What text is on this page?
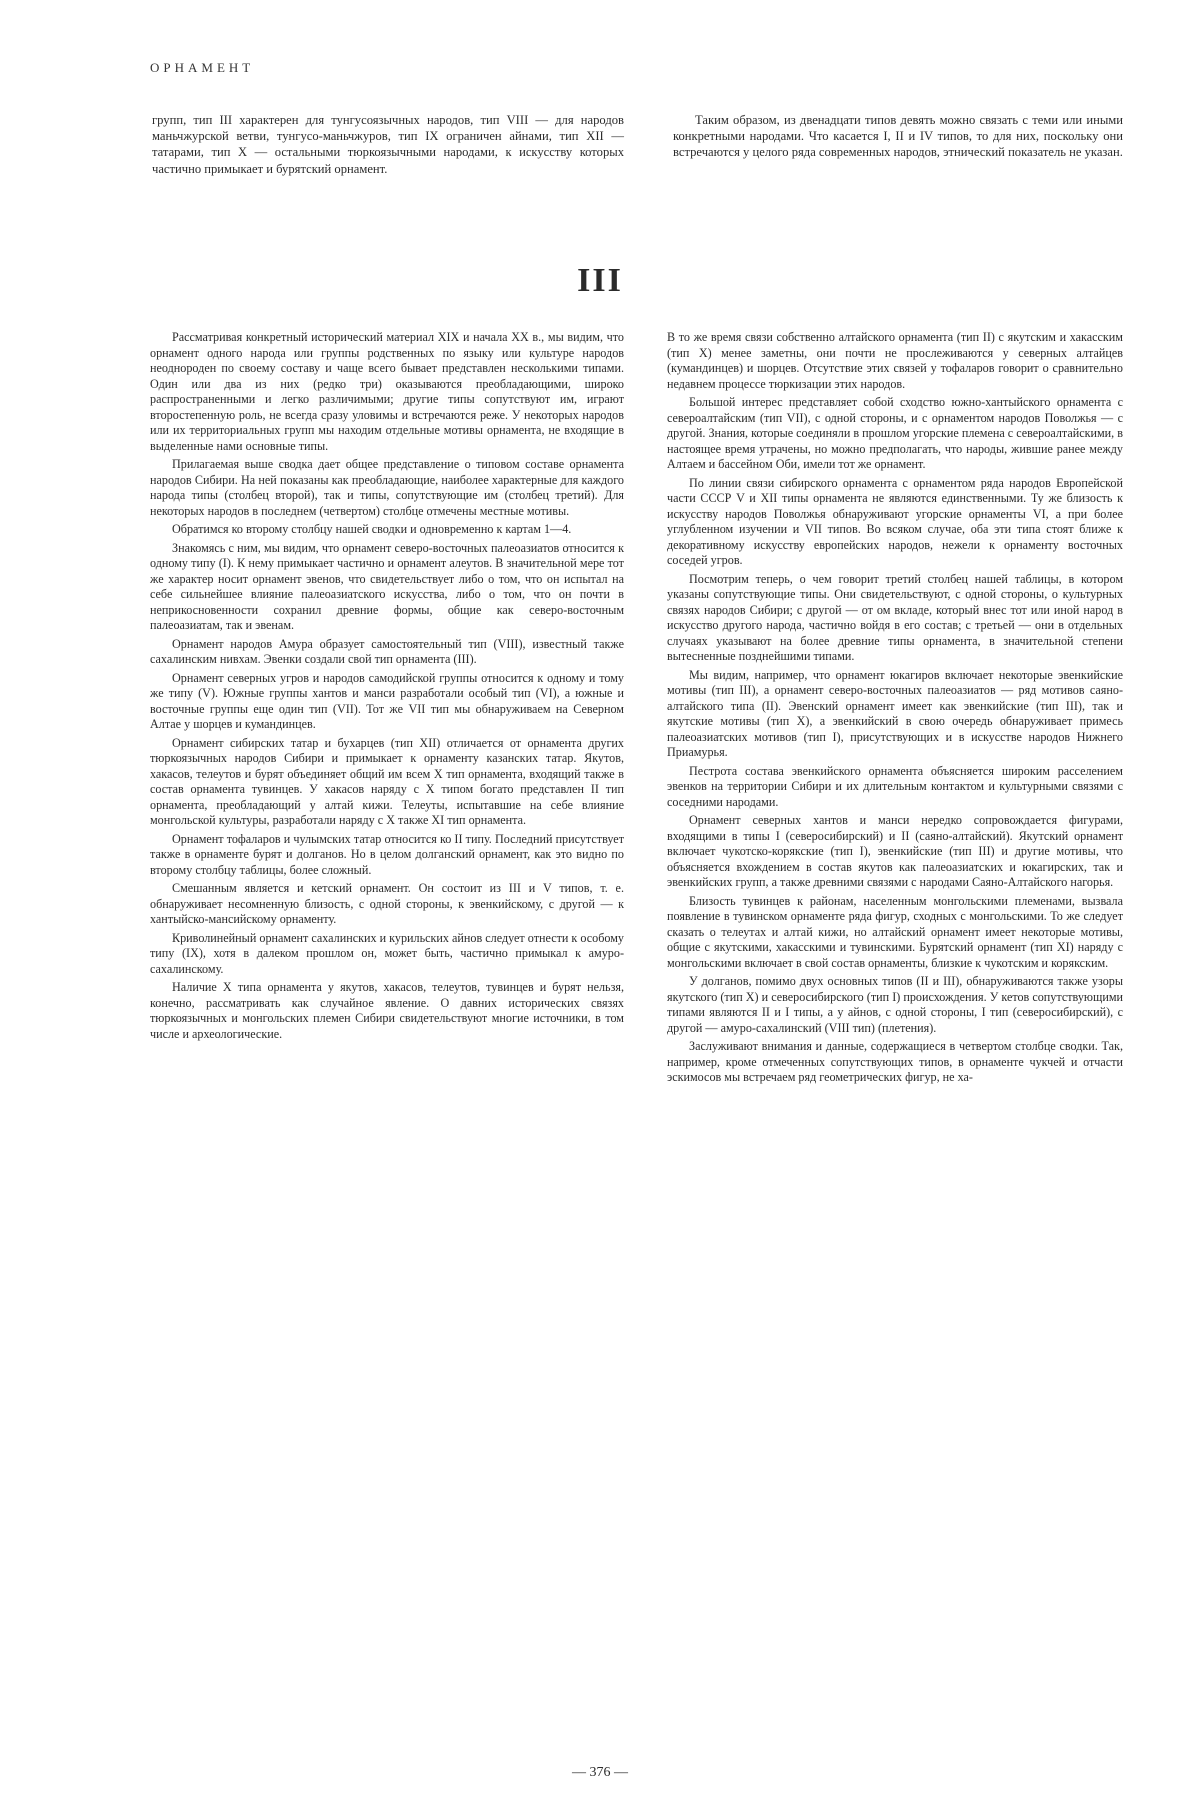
ОРНАМЕНТ

групп, тип III характерен для тунгусоязычных народов, тип VIII — для народов маньчжурской ветви, тунгусо-маньчжуров, тип IX ограничен айнами, тип XII — татарами, тип X — остальными тюркоязычными народами, к искусству которых частично примыкает и бурятский орнамент.

Таким образом, из двенадцати типов девять можно связать с теми или иными конкретными народами. Что касается I, II и IV типов, то для них, поскольку они встречаются у целого ряда современных народов, этнический показатель не указан.

III

Рассматривая конкретный исторический материал XIX и начала XX в., мы видим, что орнамент одного народа или группы родственных по языку или культуре народов неоднороден по своему составу и чаще всего бывает представлен несколькими типами. Один или два из них (редко три) оказываются преобладающими, широко распространенными и легко различимыми; другие типы сопутствуют им, играют второстепенную роль, не всегда сразу уловимы и встречаются реже. У некоторых народов или их территориальных групп мы находим отдельные мотивы орнамента, не входящие в выделенные нами основные типы.

Прилагаемая выше сводка дает общее представление о типовом составе орнамента народов Сибири. На ней показаны как преобладающие, наиболее характерные для каждого народа типы (столбец второй), так и типы, сопутствующие им (столбец третий). Для некоторых народов в последнем (четвертом) столбце отмечены местные мотивы.

Обратимся ко второму столбцу нашей сводки и одновременно к картам 1—4.

Знакомясь с ним, мы видим, что орнамент северо-восточных палеоазиатов относится к одному типу (I). К нему примыкает частично и орнамент алеутов. В значительной мере тот же характер носит орнамент эвенов, что свидетельствует либо о том, что он испытал на себе сильнейшее влияние палеоазиатского искусства, либо о том, что он почти в неприкосновенности сохранил древние формы, общие как северо-восточным палеоазиатам, так и эвенам.

Орнамент народов Амура образует самостоятельный тип (VIII), известный также сахалинским нивхам. Эвенки создали свой тип орнамента (III).

Орнамент северных угров и народов самодийской группы относится к одному и тому же типу (V). Южные группы хантов и манси разработали особый тип (VI), а южные и восточные группы еще один тип (VII). Тот же VII тип мы обнаруживаем на Северном Алтае у шорцев и кумандинцев.

Орнамент сибирских татар и бухарцев (тип XII) отличается от орнамента других тюркоязычных народов Сибири и примыкает к орнаменту казанских татар. Якутов, хакасов, телеутов и бурят объединяет общий им всем X тип орнамента, входящий также в состав орнамента тувинцев. У хакасов наряду с X типом богато представлен II тип орнамента, преобладающий у алтай кижи. Телеуты, испытавшие на себе влияние монгольской культуры, разработали наряду с X также XI тип орнамента.

Орнамент тофаларов и чулымских татар относится ко II типу. Последний присутствует также в орнаменте бурят и долганов. Но в целом долганский орнамент, как это видно по второму столбцу таблицы, более сложный.

Смешанным является и кетский орнамент. Он состоит из III и V типов, т. е. обнаруживает несомненную близость, с одной стороны, к эвенкийскому, с другой — к хантыйско-мансийскому орнаменту.

Криволинейный орнамент сахалинских и курильских айнов следует отнести к особому типу (IX), хотя в далеком прошлом он, может быть, частично примыкал к амуро-сахалинскому.

Наличие X типа орнамента у якутов, хакасов, телеутов, тувинцев и бурят нельзя, конечно, рассматривать как случайное явление. О давних исторических связях тюркоязычных и монгольских племен Сибири свидетельствуют многие источники, в том числе и археологические.

В то же время связи собственно алтайского орнамента (тип II) с якутским и хакасским (тип X) менее заметны, они почти не прослеживаются у северных алтайцев (кумандинцев) и шорцев. Отсутствие этих связей у тофаларов говорит о сравнительно недавнем процессе тюркизации этих народов.

Большой интерес представляет собой сходство южно-хантыйского орнамента с североалтайским (тип VII), с одной стороны, и с орнаментом народов Поволжья — с другой. Знания, которые соединяли в прошлом угорские племена с североалтайскими, в настоящее время утрачены, но можно предполагать, что народы, жившие ранее между Алтаем и бассейном Оби, имели тот же орнамент.

По линии связи сибирского орнамента с орнаментом ряда народов Европейской части СССР V и XII типы орнамента не являются единственными. Ту же близость к искусству народов Поволжья обнаруживают угорские орнаменты VI, а при более углубленном изучении и VII типов. Во всяком случае, оба эти типа стоят ближе к декоративному искусству европейских народов, нежели к орнаменту восточных соседей угров.

Посмотрим теперь, о чем говорит третий столбец нашей таблицы, в котором указаны сопутствующие типы. Они свидетельствуют, с одной стороны, о культурных связях народов Сибири; с другой — от ом вкладе, который внес тот или иной народ в искусство другого народа, частично войдя в его состав; с третьей — они в отдельных случаях указывают на более древние типы орнамента, в значительной степени вытесненные позднейшими типами.

Мы видим, например, что орнамент юкагиров включает некоторые эвенкийские мотивы (тип III), а орнамент северо-восточных палеоазиатов — ряд мотивов саяно-алтайского типа (II). Эвенский орнамент имеет как эвенкийские (тип III), так и якутские мотивы (тип X), а эвенкийский в свою очередь обнаруживает примесь палеоазиатских мотивов (тип I), присутствующих и в искусстве народов Нижнего Приамурья.

Пестрота состава эвенкийского орнамента объясняется широким расселением эвенков на территории Сибири и их длительным контактом и культурными связями с соседними народами.

Орнамент северных хантов и манси нередко сопровождается фигурами, входящими в типы I (северосибирский) и II (саяно-алтайский). Якутский орнамент включает чукотско-корякские (тип I), эвенкийские (тип III) и другие мотивы, что объясняется вхождением в состав якутов как палеоазиатских и юкагирских, так и эвенкийских групп, а также древними связями с народами Саяно-Алтайского нагорья.

Близость тувинцев к районам, населенным монгольскими племенами, вызвала появление в тувинском орнаменте ряда фигур, сходных с монгольскими. То же следует сказать о телеутах и алтай кижи, но алтайский орнамент имеет некоторые мотивы, общие с якутскими, хакасскими и тувинскими. Бурятский орнамент (тип XI) наряду с монгольскими включает в свой состав орнаменты, близкие к чукотским и корякским.

У долганов, помимо двух основных типов (II и III), обнаруживаются также узоры якутского (тип X) и северосибирского (тип I) происхождения. У кетов сопутствующими типами являются II и I типы, а у айнов, с одной стороны, I тип (северосибирский), с другой — амуро-сахалинский (VIII тип) (плетения).

Заслуживают внимания и данные, содержащиеся в четвертом столбце сводки. Так, например, кроме отмеченных сопутствующих типов, в орнаменте чукчей и отчасти эскимосов мы встречаем ряд геометрических фигур, не ха-

— 376 —
